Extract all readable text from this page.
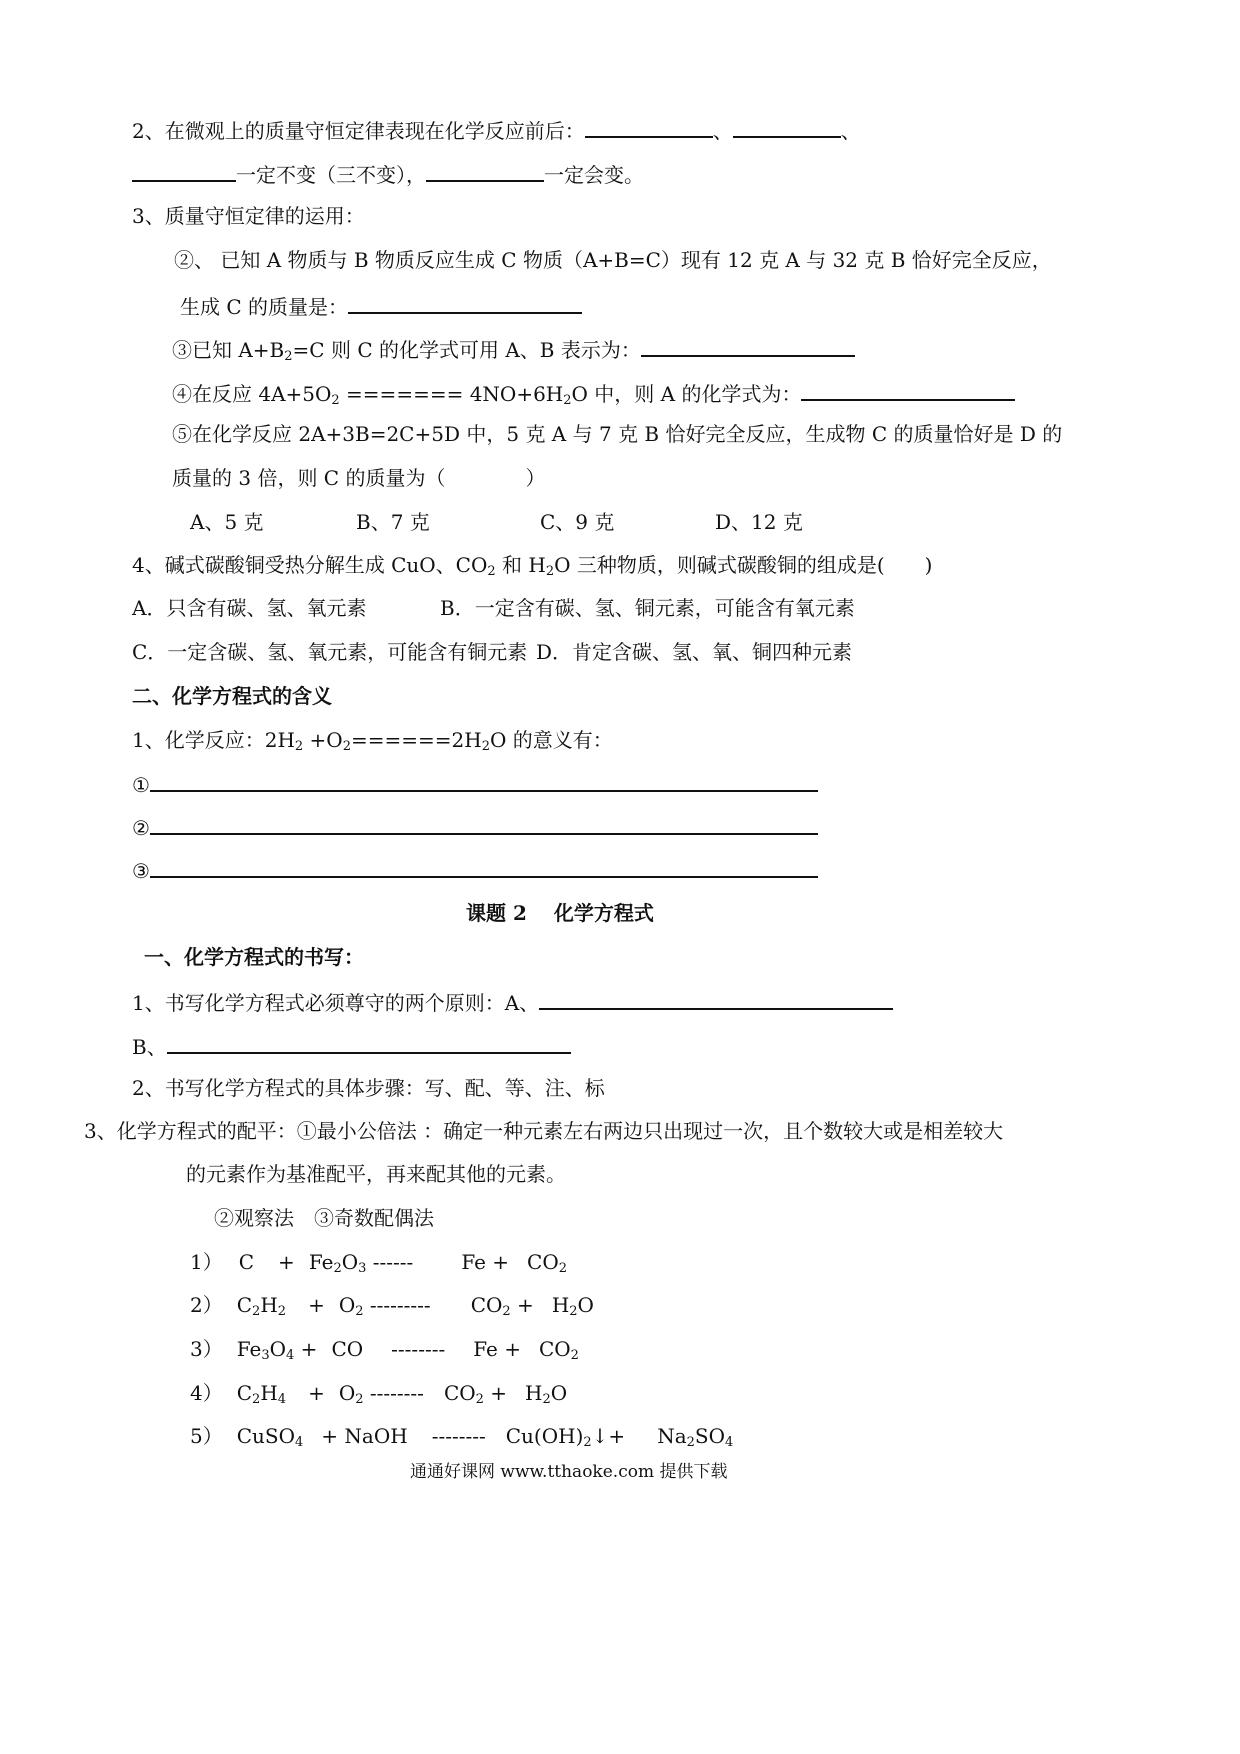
2、在微观上的质量守恒定律表现在化学反应前后：	、	、
一定不变（三不变），	一定会变。
3、质量守恒定律的运用：
②、 已知 A 物质与 B 物质反应生成 C 物质（A+B=C）现有 12 克 A 与 32 克 B 恰好完全反应，
生成 C 的质量是：
③已知 $A+B_2=C$ 则 C 的化学式可用 A、B 表示为：
④在反应 $4A+5O_2$ ======= $4NO+6H_2O$ 中，则 A 的化学式为：
⑤在化学反应 2A+3B=2C+5D 中，5 克 A 与 7 克 B 恰好完全反应，生成物 C 的质量恰好是 D 的
质量的 3 倍，则 C 的质量为（　　　　）
A、5 克	B、7 克	C、9 克	D、12 克
4、碱式碳酸铜受热分解生成 CuO、$CO_2$ 和 $H_2O$ 三种物质，则碱式碳酸铜的组成是(　　)
A．只含有碳、氢、氧元素	B．一定含有碳、氢、铜元素，可能含有氧元素
C．一定含碳、氢、氧元素，可能含有铜元素 D．肯定含碳、氢、氧、铜四种元素
二、化学方程式的含义
1、化学反应：$2H_2 +O_2======2H_2O$ 的意义有：
①
②
③
课题 2　 化学方程式
一、化学方程式的书写：
1、书写化学方程式必须尊守的两个原则：A、
B、
2、书写化学方程式的具体步骤：写、配、等、注、标
3、化学方程式的配平：①最小公倍法 ：确定一种元素左右两边只出现过一次，且个数较大或是相差较大
的元素作为基准配平，再来配其他的元素。
②观察法　③奇数配偶法
1） $C + Fe_2O_3$ ------ $Fe + CO_2$
2） $C_2H_2 + O_2$ --------- $CO_2 + H_2O$
3） $Fe_3O_4$ + CO -------- $Fe + CO_2$
4） $C_2H_4 + O_2$ -------- $CO_2 + H_2O$
5） CuSO$_4$ + NaOH -------- $Cu(OH)_2↓+ Na_2SO_4$
通通好课网 www.tthaoke.com 提供下载
